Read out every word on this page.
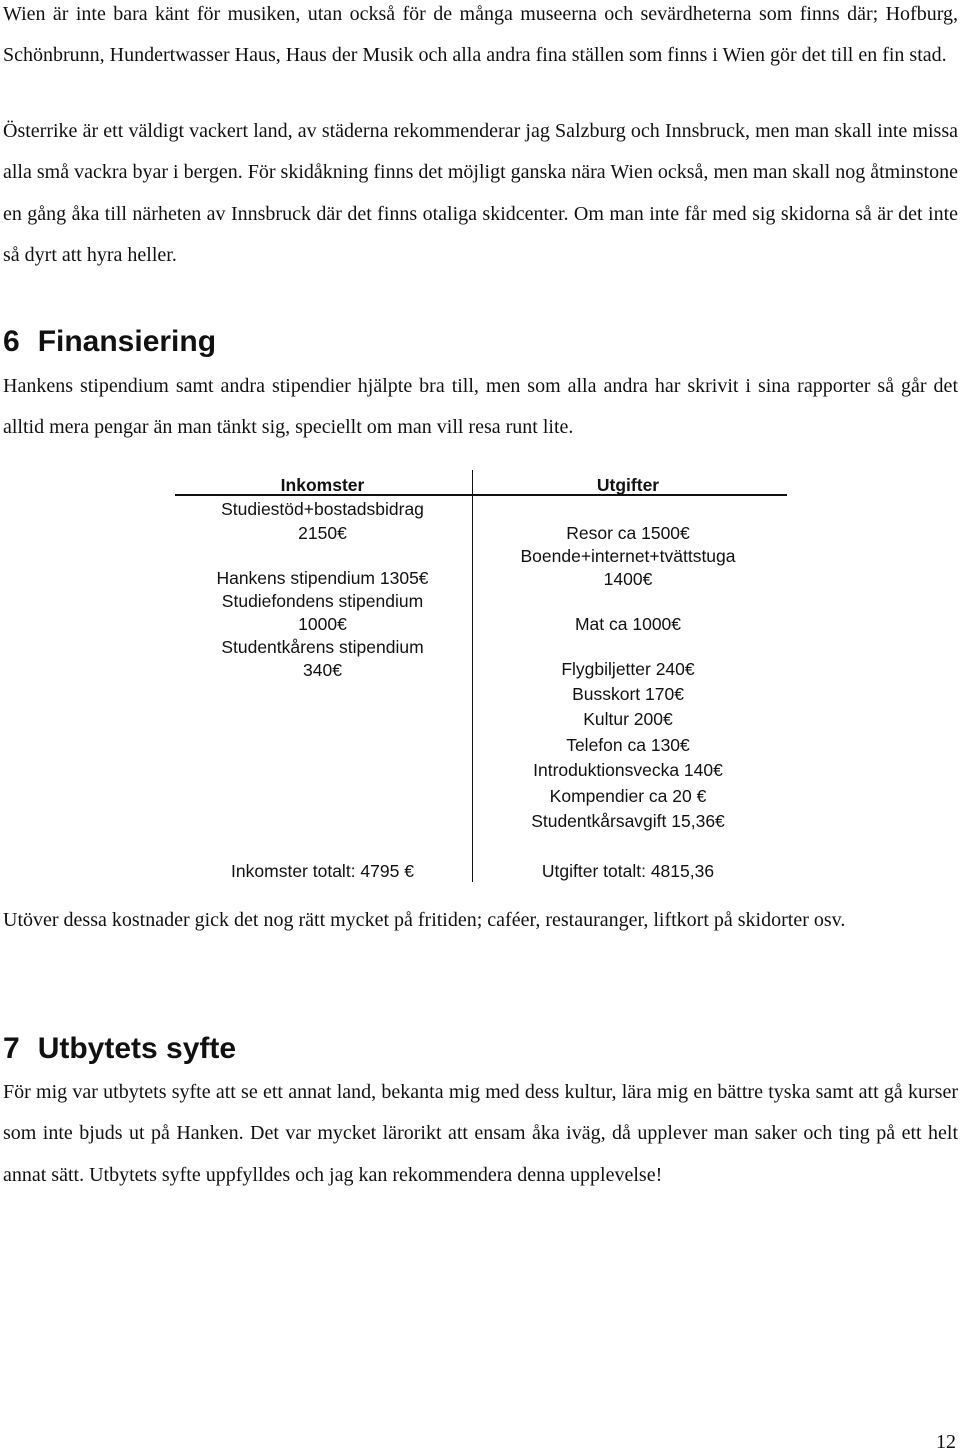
Wien är inte bara känt för musiken, utan också för de många museerna och sevärdheterna som finns där; Hofburg, Schönbrunn, Hundertwasser Haus, Haus der Musik och alla andra fina ställen som finns i Wien gör det till en fin stad.

Österrike är ett väldigt vackert land, av städerna rekommenderar jag Salzburg och Innsbruck, men man skall inte missa alla små vackra byar i bergen. För skidåkning finns det möjligt ganska nära Wien också, men man skall nog åtminstone en gång åka till närheten av Innsbruck där det finns otaliga skidcenter. Om man inte får med sig skidorna så är det inte så dyrt att hyra heller.

6 Finansiering

Hankens stipendium samt andra stipendier hjälpte bra till, men som alla andra har skrivit i sina rapporter så går det alltid mera pengar än man tänkt sig, speciellt om man vill resa runt lite.

Inkomster	Utgifter
Studiestöd+bostadsbidrag
2150€
Hankens stipendium 1305€
Studiefondens stipendium
1000€
Studentkårens stipendium
340€
Inkomster totalt: 4795 €
Resor ca 1500€
Boende+internet+tvättstuga
1400€
Mat ca 1000€
Flygbiljetter 240€
Busskort 170€
Kultur 200€
Telefon ca 130€
Introduktionsvecka 140€
Kompendier ca 20 €
Studentkårsavgift 15,36€
Utgifter totalt: 4815,36

Utöver dessa kostnader gick det nog rätt mycket på fritiden; caféer, restauranger, liftkort på skidorter osv.

7 Utbytets syfte

För mig var utbytets syfte att se ett annat land, bekanta mig med dess kultur, lära mig en bättre tyska samt att gå kurser som inte bjuds ut på Hanken. Det var mycket lärorikt att ensam åka iväg, då upplever man saker och ting på ett helt annat sätt. Utbytets syfte uppfylldes och jag kan rekommendera denna upplevelse!

12
